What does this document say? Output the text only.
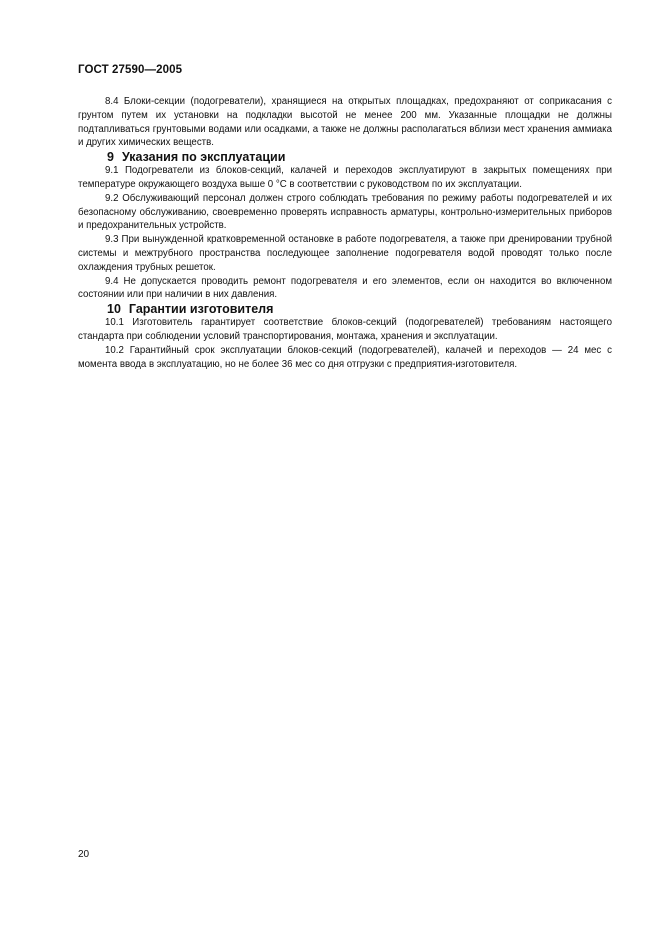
ГОСТ 27590—2005

8.4 Блоки-секции (подогреватели), хранящиеся на открытых площадках, предохраняют от соприкасания с грунтом путем их установки на подкладки высотой не менее 200 мм. Указанные площадки не должны подтапливаться грунтовыми водами или осадками, а также не должны располагаться вблизи мест хранения аммиака и других химических веществ.

9 Указания по эксплуатации

9.1 Подогреватели из блоков-секций, калачей и переходов эксплуатируют в закрытых помещениях при температуре окружающего воздуха выше 0 °С в соответствии с руководством по их эксплуатации.

9.2 Обслуживающий персонал должен строго соблюдать требования по режиму работы подогревателей и их безопасному обслуживанию, своевременно проверять исправность арматуры, контрольно-измерительных приборов и предохранительных устройств.

9.3 При вынужденной кратковременной остановке в работе подогревателя, а также при дренировании трубной системы и межтрубного пространства последующее заполнение подогревателя водой проводят только после охлаждения трубных решеток.

9.4 Не допускается проводить ремонт подогревателя и его элементов, если он находится во включенном состоянии или при наличии в них давления.

10 Гарантии изготовителя

10.1 Изготовитель гарантирует соответствие блоков-секций (подогревателей) требованиям настоящего стандарта при соблюдении условий транспортирования, монтажа, хранения и эксплуатации.

10.2 Гарантийный срок эксплуатации блоков-секций (подогревателей), калачей и переходов — 24 мес с момента ввода в эксплуатацию, но не более 36 мес со дня отгрузки с предприятия-изготовителя.

20
